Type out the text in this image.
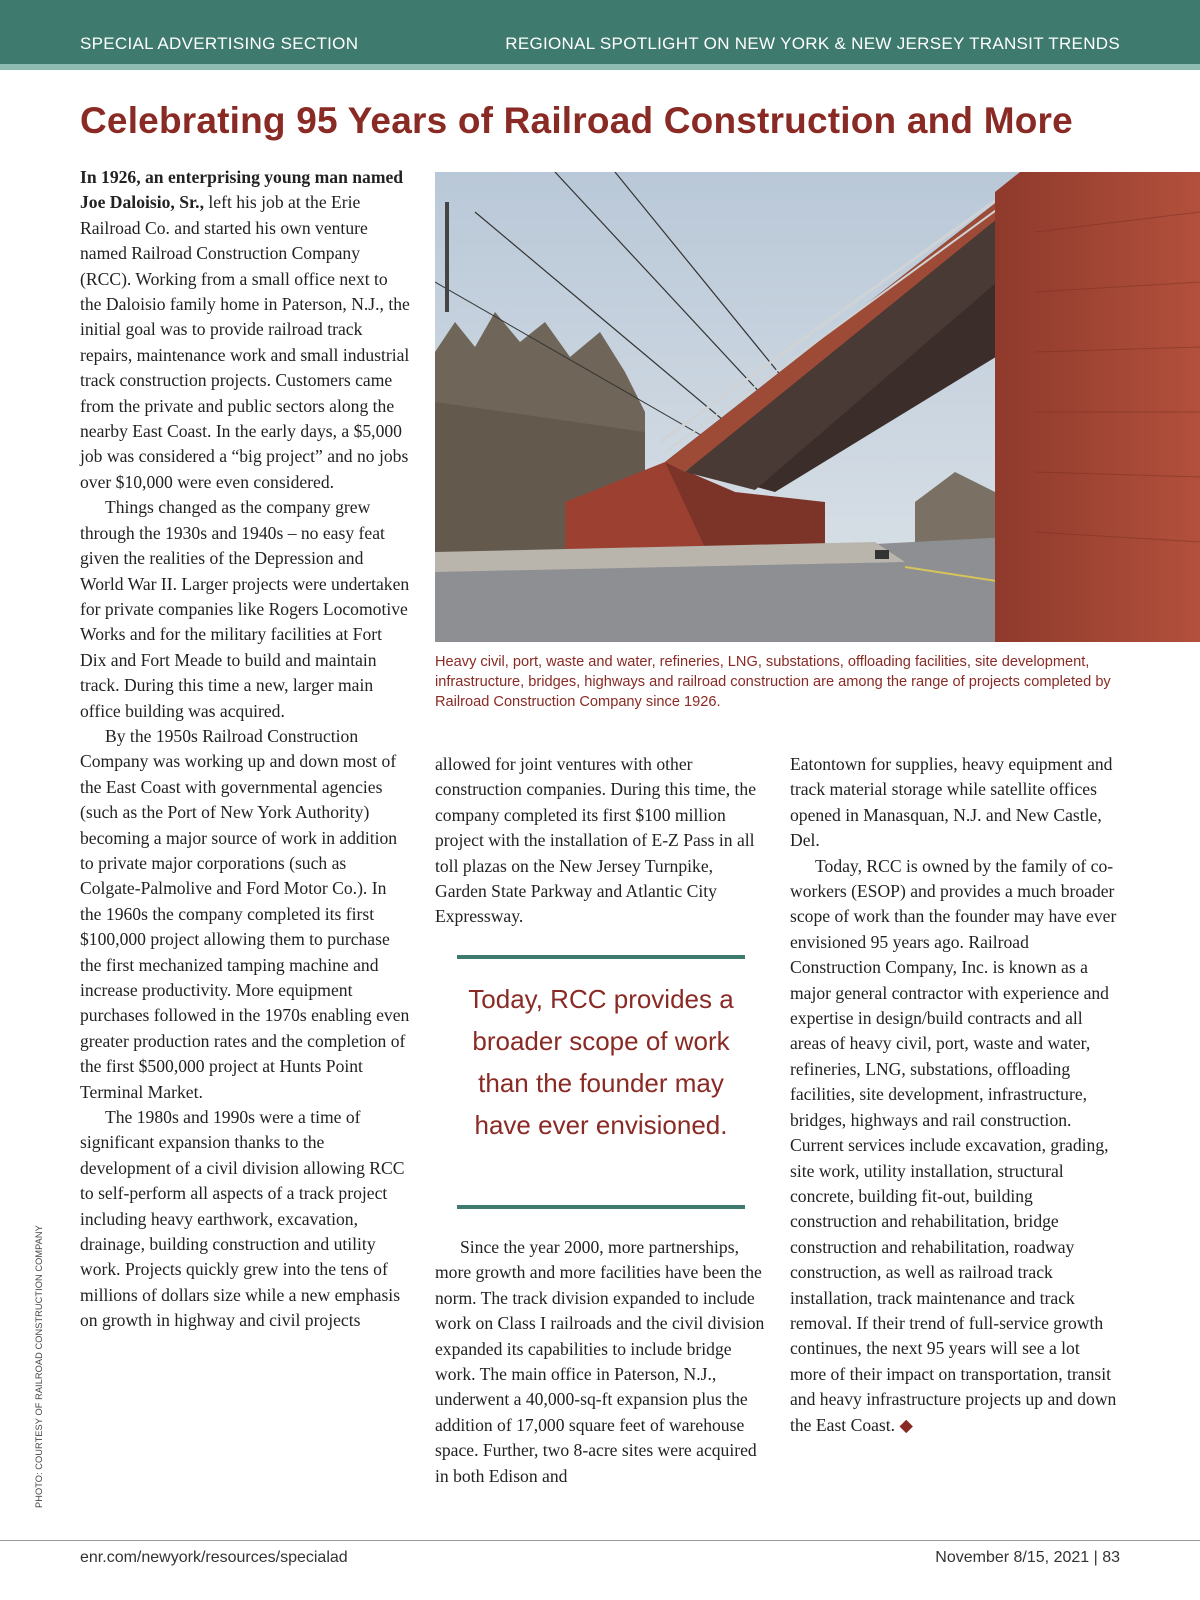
SPECIAL ADVERTISING SECTION	REGIONAL SPOTLIGHT ON NEW YORK & NEW JERSEY TRANSIT TRENDS
Celebrating 95 Years of Railroad Construction and More

In 1926, an enterprising young man named Joe Daloisio, Sr., left his job at the Erie Railroad Co. and started his own venture named Railroad Construction Company (RCC). Working from a small office next to the Daloisio family home in Paterson, N.J., the initial goal was to provide railroad track repairs, maintenance work and small industrial track construction projects. Customers came from the private and public sectors along the nearby East Coast. In the early days, a $5,000 job was considered a “big project” and no jobs over $10,000 were even considered.

Things changed as the company grew through the 1930s and 1940s – no easy feat given the realities of the Depression and World War II. Larger projects were undertaken for private companies like Rogers Locomotive Works and for the military facilities at Fort Dix and Fort Meade to build and maintain track. During this time a new, larger main office building was acquired.

By the 1950s Railroad Construction Company was working up and down most of the East Coast with governmental agencies (such as the Port of New York Authority) becoming a major source of work in addition to private major corporations (such as Colgate-Palmolive and Ford Motor Co.). In the 1960s the company completed its first $100,000 project allowing them to purchase the first mechanized tamping machine and increase productivity. More equipment purchases followed in the 1970s enabling even greater production rates and the completion of the first $500,000 project at Hunts Point Terminal Market.

The 1980s and 1990s were a time of significant expansion thanks to the development of a civil division allowing RCC to self-perform all aspects of a track project including heavy earthwork, excavation, drainage, building construction and utility work. Projects quickly grew into the tens of millions of dollars size while a new emphasis on growth in highway and civil projects

Heavy civil, port, waste and water, refineries, LNG, substations, offloading facilities, site development, infrastructure, bridges, highways and railroad construction are among the range of projects completed by Railroad Construction Company since 1926.

allowed for joint ventures with other construction companies. During this time, the company completed its first $100 million project with the installation of E-Z Pass in all toll plazas on the New Jersey Turnpike, Garden State Parkway and Atlantic City Expressway.

Today, RCC provides a broader scope of work than the founder may have ever envisioned.

Since the year 2000, more partnerships, more growth and more facilities have been the norm. The track division expanded to include work on Class I railroads and the civil division expanded its capabilities to include bridge work. The main office in Paterson, N.J., underwent a 40,000-sq-ft expansion plus the addition of 17,000 square feet of warehouse space. Further, two 8-acre sites were acquired in both Edison and

Eatontown for supplies, heavy equipment and track material storage while satellite offices opened in Manasquan, N.J. and New Castle, Del.

Today, RCC is owned by the family of co-workers (ESOP) and provides a much broader scope of work than the founder may have ever envisioned 95 years ago. Railroad Construction Company, Inc. is known as a major general contractor with experience and expertise in design/build contracts and all areas of heavy civil, port, waste and water, refineries, LNG, substations, offloading facilities, site development, infrastructure, bridges, highways and rail construction. Current services include excavation, grading, site work, utility installation, structural concrete, building fit-out, building construction and rehabilitation, bridge construction and rehabilitation, roadway construction, as well as railroad track installation, track maintenance and track removal. If their trend of full-service growth continues, the next 95 years will see a lot more of their impact on transportation, transit and heavy infrastructure projects up and down the East Coast. ◆

PHOTO: COURTESY OF RAILROAD CONSTRUCTION COMPANY
enr.com/newyork/resources/specialad	November 8/15, 2021 | 83
